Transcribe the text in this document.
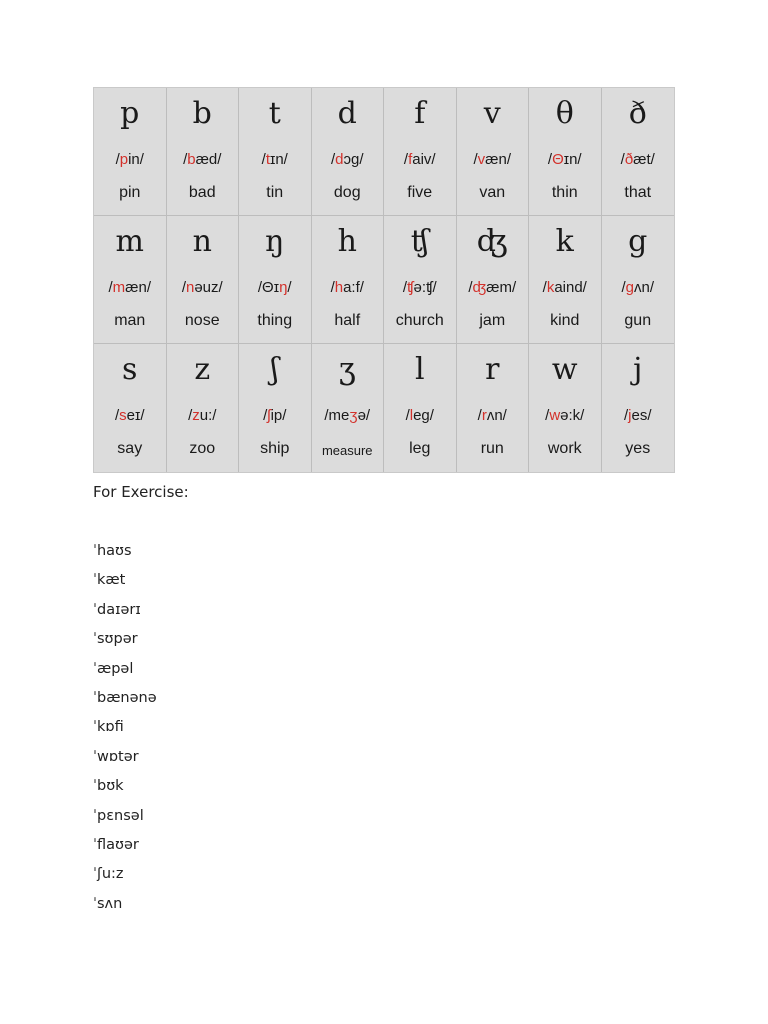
p
/pin/
pin
b
/bæd/
bad
t
/tɪn/
tin
d
/dɔg/
dog
f
/faiv/
five
v
/væn/
van
θ
/Θɪn/
thin
ð
/ðæt/
that
m
/mæn/
man
n
/nəuz/
nose
ŋ
/Θɪŋ/
thing
h
/ha:f/
half
ʧ
/ʧə:ʧ/
church
ʤ
/ʤæm/
jam
k
/kaind/
kind
g
/gʌn/
gun
s
/seɪ/
say
z
/zu:/
zoo
ʃ
/ʃip/
ship
ʒ
/meʒə/
measure
l
/leg/
leg
r
/rʌn/
run
w
/wə:k/
work
j
/jes/
yes
For Exercise:
ˈhaʊs
ˈkæt
ˈdaɪərɪ
ˈsʊpər
ˈæpəl
ˈbænənə
ˈkɒfi
ˈwɒtər
ˈbʊk
ˈpɛnsəl
ˈflaʊər
ˈʃu:z
ˈsʌn
